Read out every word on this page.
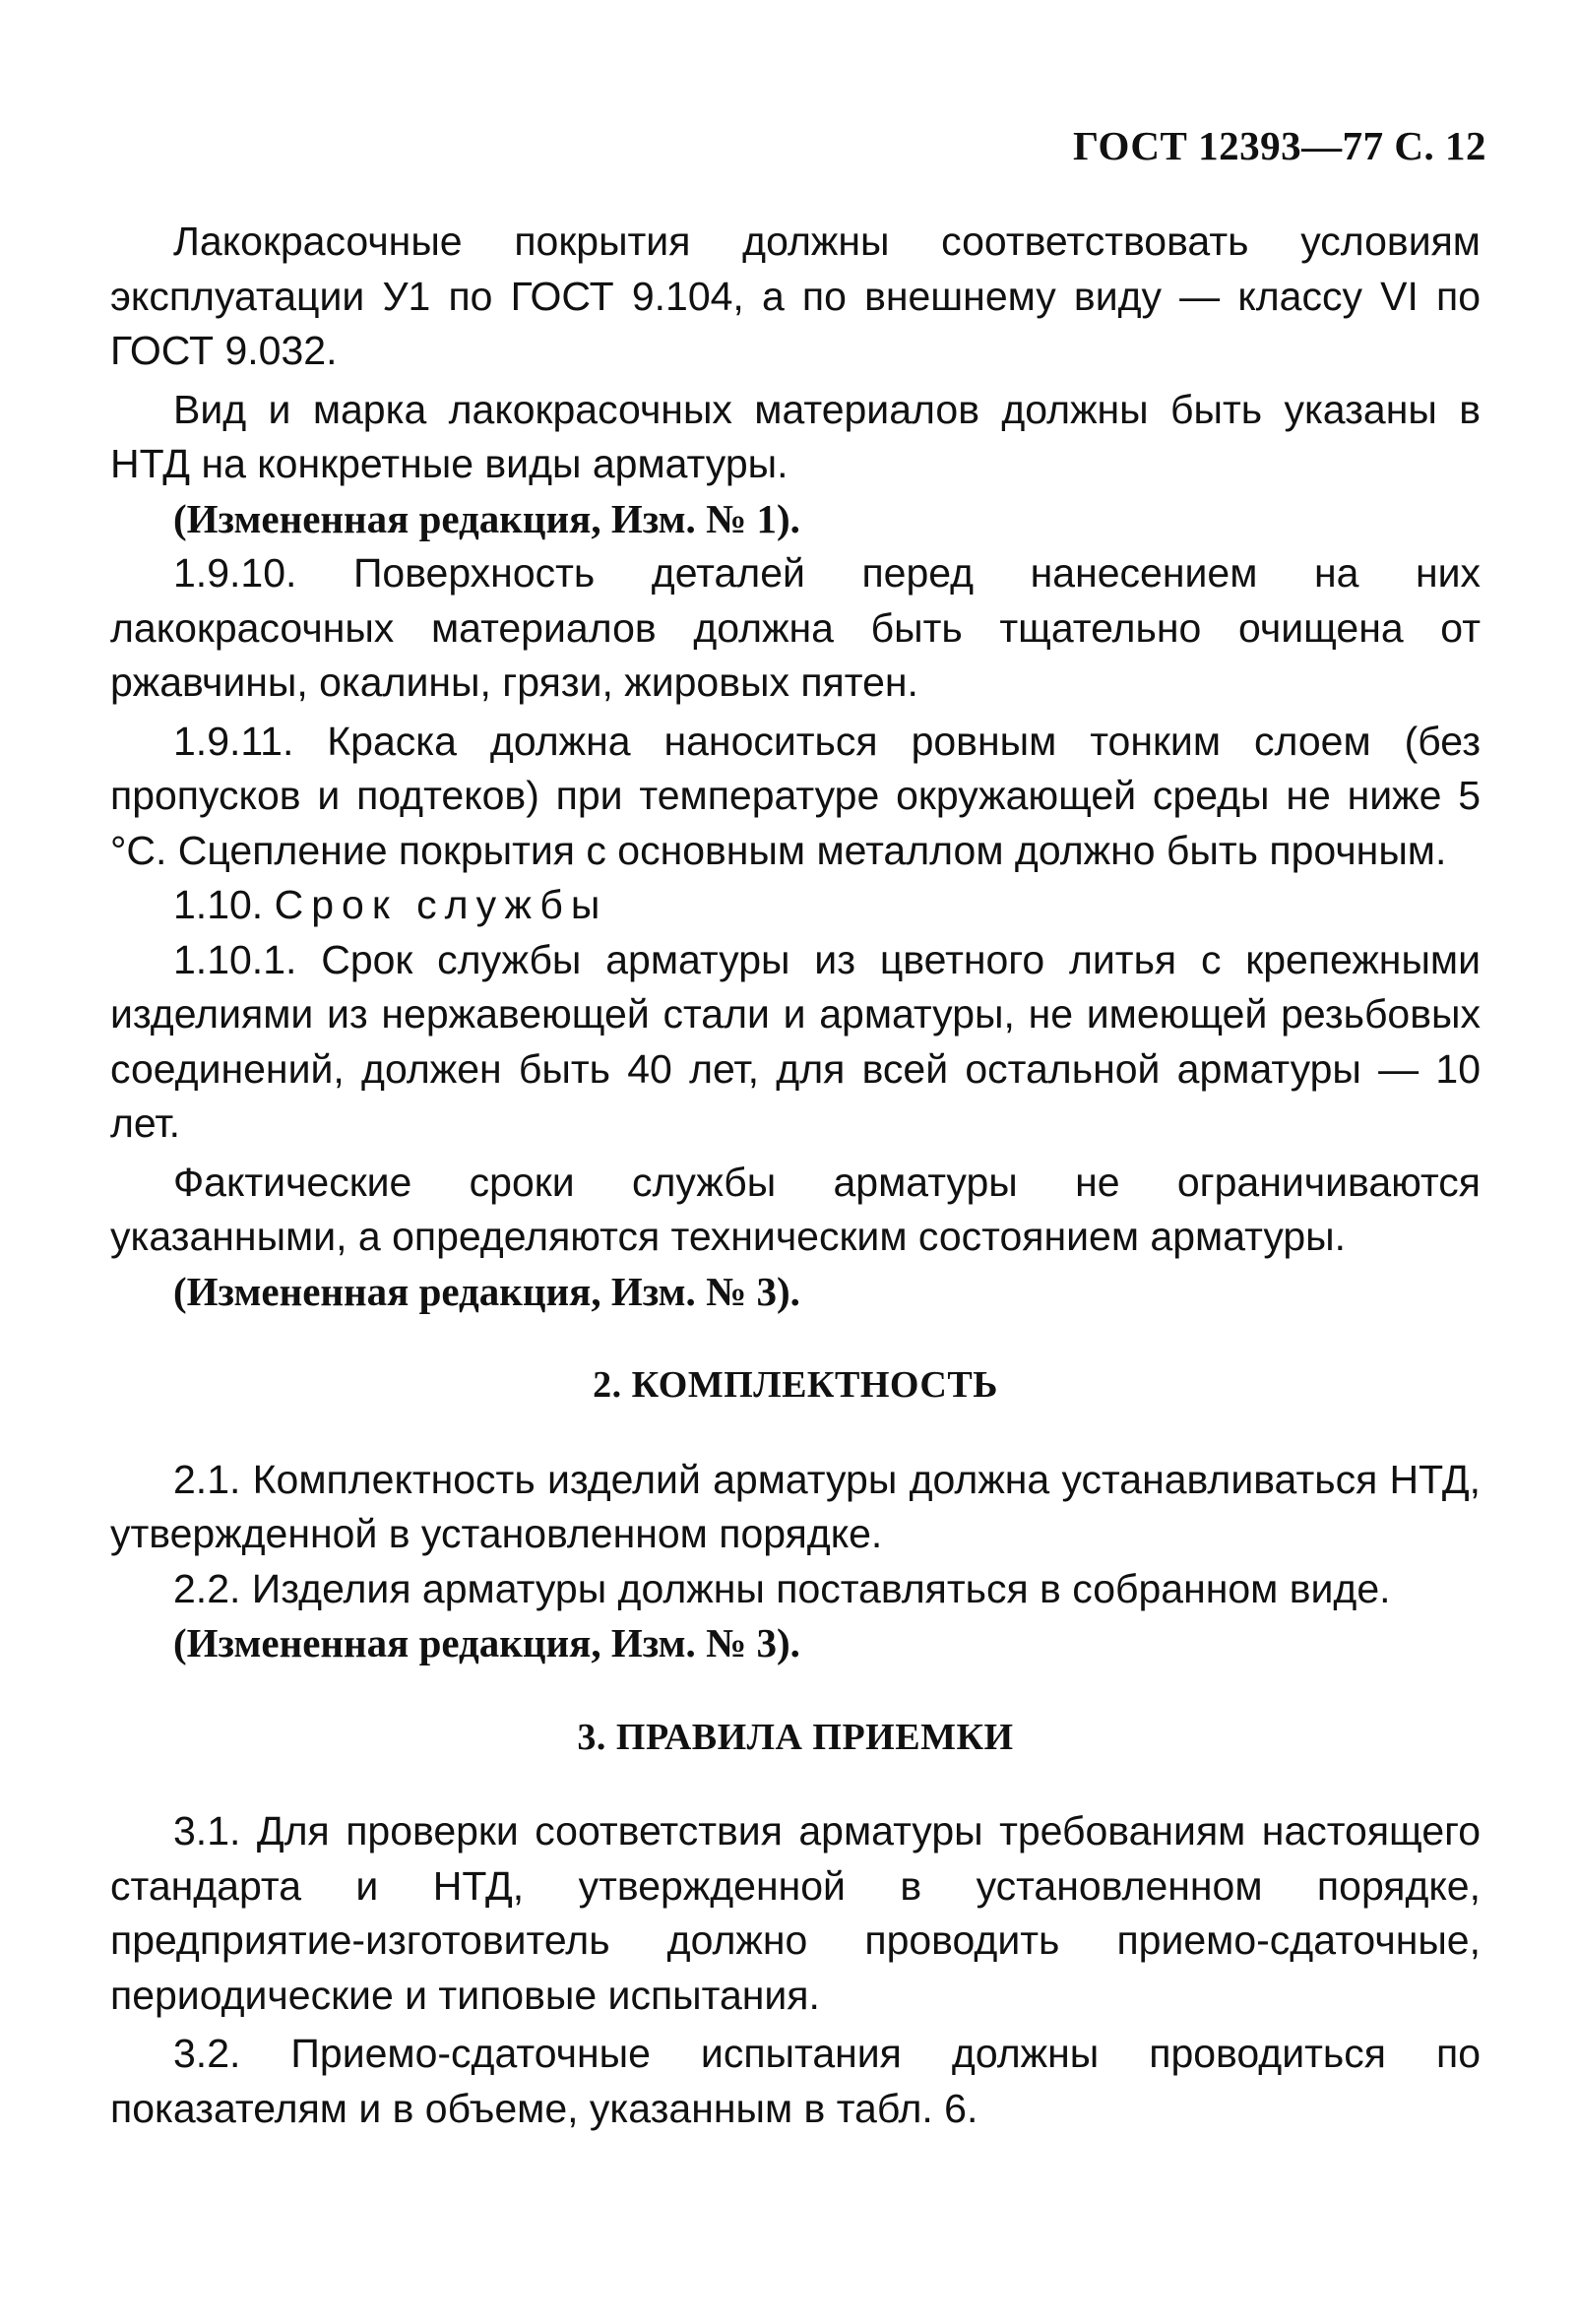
ГОСТ 12393—77 С. 12

Лакокрасочные покрытия должны соответствовать условиям эксплуатации У1 по ГОСТ 9.104, а по внешнему виду — классу VI по ГОСТ 9.032.

Вид и марка лакокрасочных материалов должны быть указаны в НТД на конкретные виды арматуры.

(Измененная редакция, Изм. № 1).

1.9.10. Поверхность деталей перед нанесением на них лакокрасочных материалов должна быть тщательно очищена от ржавчины, окалины, грязи, жировых пятен.

1.9.11. Краска должна наноситься ровным тонким слоем (без пропусков и подтеков) при температуре окружающей среды не ниже 5 °С. Сцепление покрытия с основным металлом должно быть прочным.

1.10. Срок службы

1.10.1. Срок службы арматуры из цветного литья с крепежными изделиями из нержавеющей стали и арматуры, не имеющей резьбовых соединений, должен быть 40 лет, для всей остальной арматуры — 10 лет.

Фактические сроки службы арматуры не ограничиваются указанными, а определяются техническим состоянием арматуры.

(Измененная редакция, Изм. № 3).

2. КОМПЛЕКТНОСТЬ

2.1. Комплектность изделий арматуры должна устанавливаться НТД, утвержденной в установленном порядке.

2.2. Изделия арматуры должны поставляться в собранном виде.

(Измененная редакция, Изм. № 3).

3. ПРАВИЛА ПРИЕМКИ

3.1. Для проверки соответствия арматуры требованиям настоящего стандарта и НТД, утвержденной в установленном порядке, предприятие-изготовитель должно проводить приемо-сдаточные, периодические и типовые испытания.

3.2. Приемо-сдаточные испытания должны проводиться по показателям и в объеме, указанным в табл. 6.
